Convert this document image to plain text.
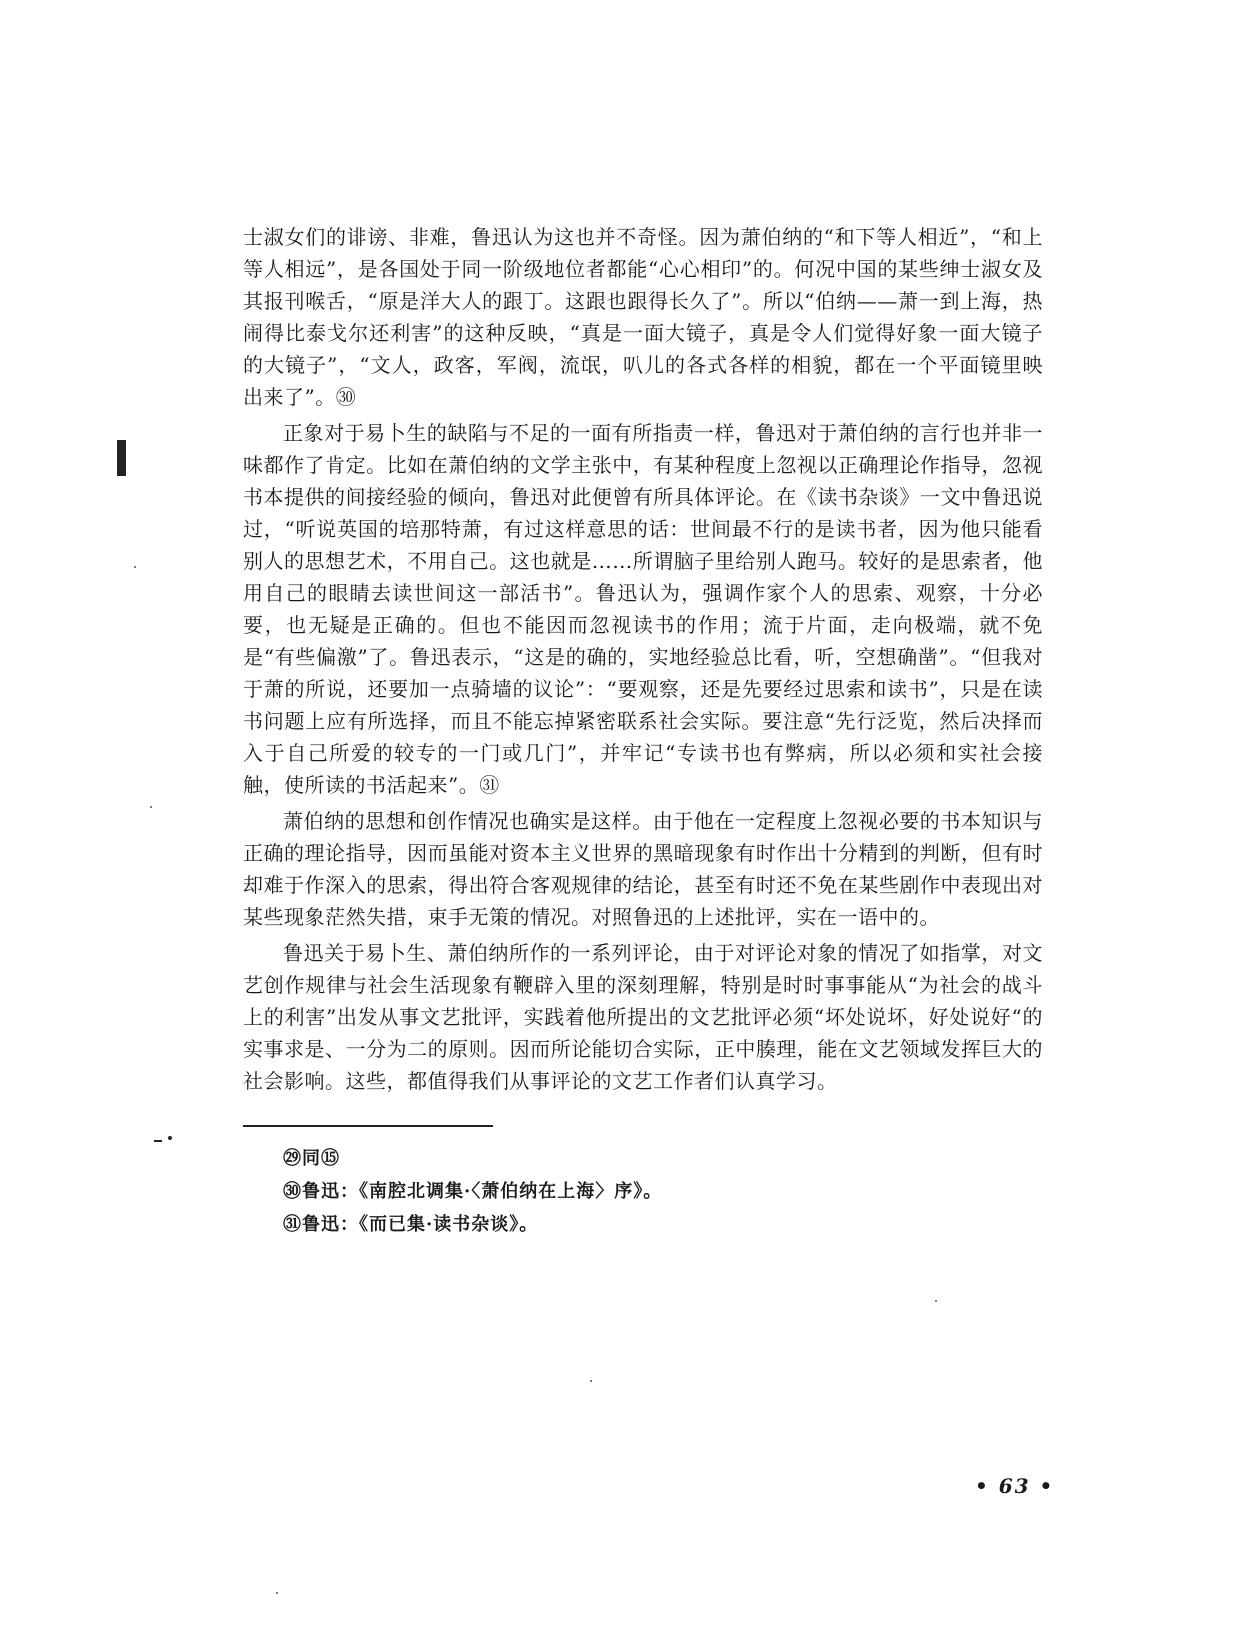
士淑女们的诽谤、非难，鲁迅认为这也并不奇怪。因为萧伯纳的“和下等人相近”，“和上等人相远”，是各国处于同一阶级地位者都能“心心相印”的。何况中国的某些绅士淑女及其报刊喉舌，“原是洋大人的跟丁。这跟也跟得长久了”。所以“伯纳——萧一到上海，热闹得比泰戈尔还利害”的这种反映，“真是一面大镜子，真是令人们觉得好象一面大镜子的大镜子”，“文人，政客，军阀，流氓，叭儿的各式各样的相貌，都在一个平面镜里映出来了”。㉚

正象对于易卜生的缺陷与不足的一面有所指责一样，鲁迅对于萧伯纳的言行也并非一味都作了肯定。比如在萧伯纳的文学主张中，有某种程度上忽视以正确理论作指导，忽视书本提供的间接经验的倾向，鲁迅对此便曾有所具体评论。在《读书杂谈》一文中鲁迅说过，“听说英国的培那特萧，有过这样意思的话：世间最不行的是读书者，因为他只能看别人的思想艺术，不用自己。这也就是……所谓脑子里给别人跑马。较好的是思索者，他用自己的眼睛去读世间这一部活书”。鲁迅认为，强调作家个人的思索、观察，十分必要，也无疑是正确的。但也不能因而忽视读书的作用；流于片面，走向极端，就不免是“有些偏激”了。鲁迅表示，“这是的确的，实地经验总比看，听，空想确凿”。“但我对于萧的所说，还要加一点骑墙的议论”：“要观察，还是先要经过思索和读书”，只是在读书问题上应有所选择，而且不能忘掉紧密联系社会实际。要注意“先行泛览，然后决择而入于自己所爱的较专的一门或几门”，并牢记“专读书也有弊病，所以必须和实社会接触，使所读的书活起来”。㉛

萧伯纳的思想和创作情况也确实是这样。由于他在一定程度上忽视必要的书本知识与正确的理论指导，因而虽能对资本主义世界的黑暗现象有时作出十分精到的判断，但有时却难于作深入的思索，得出符合客观规律的结论，甚至有时还不免在某些剧作中表现出对某些现象茫然失措，束手无策的情况。对照鲁迅的上述批评，实在一语中的。

鲁迅关于易卜生、萧伯纳所作的一系列评论，由于对评论对象的情况了如指掌，对文艺创作规律与社会生活现象有鞭辟入里的深刻理解，特别是时时事事能从“为社会的战斗上的利害”出发从事文艺批评，实践着他所提出的文艺批评必须“坏处说坏，好处说好“的实事求是、一分为二的原则。因而所论能切合实际，正中腠理，能在文艺领域发挥巨大的社会影响。这些，都值得我们从事评论的文艺工作者们认真学习。

㉙同⑮

㉚鲁迅：《南腔北调集·〈萧伯纳在上海〉序》。

㉛鲁迅：《而已集·读书杂谈》。

• 63 •
